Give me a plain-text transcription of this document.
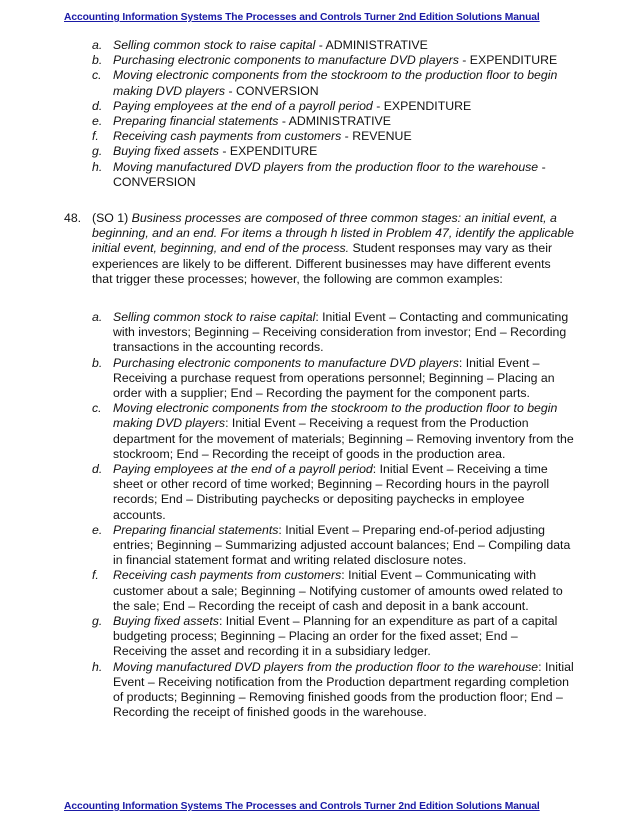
Accounting Information Systems The Processes and Controls Turner 2nd Edition Solutions Manual
a. Selling common stock to raise capital - ADMINISTRATIVE
b. Purchasing electronic components to manufacture DVD players - EXPENDITURE
c. Moving electronic components from the stockroom to the production floor to begin making DVD players - CONVERSION
d. Paying employees at the end of a payroll period - EXPENDITURE
e. Preparing financial statements - ADMINISTRATIVE
f. Receiving cash payments from customers - REVENUE
g. Buying fixed assets - EXPENDITURE
h. Moving manufactured DVD players from the production floor to the warehouse - CONVERSION
48. (SO 1) Business processes are composed of three common stages: an initial event, a beginning, and an end. For items a through h listed in Problem 47, identify the applicable initial event, beginning, and end of the process. Student responses may vary as their experiences are likely to be different. Different businesses may have different events that trigger these processes; however, the following are common examples:
a. Selling common stock to raise capital: Initial Event – Contacting and communicating with investors; Beginning – Receiving consideration from investor; End – Recording transactions in the accounting records.
b. Purchasing electronic components to manufacture DVD players: Initial Event – Receiving a purchase request from operations personnel; Beginning – Placing an order with a supplier; End – Recording the payment for the component parts.
c. Moving electronic components from the stockroom to the production floor to begin making DVD players: Initial Event – Receiving a request from the Production department for the movement of materials; Beginning – Removing inventory from the stockroom; End – Recording the receipt of goods in the production area.
d. Paying employees at the end of a payroll period: Initial Event – Receiving a time sheet or other record of time worked; Beginning – Recording hours in the payroll records; End – Distributing paychecks or depositing paychecks in employee accounts.
e. Preparing financial statements: Initial Event – Preparing end-of-period adjusting entries; Beginning – Summarizing adjusted account balances; End – Compiling data in financial statement format and writing related disclosure notes.
f. Receiving cash payments from customers: Initial Event – Communicating with customer about a sale; Beginning – Notifying customer of amounts owed related to the sale; End – Recording the receipt of cash and deposit in a bank account.
g. Buying fixed assets: Initial Event – Planning for an expenditure as part of a capital budgeting process; Beginning – Placing an order for the fixed asset; End – Receiving the asset and recording it in a subsidiary ledger.
h. Moving manufactured DVD players from the production floor to the warehouse: Initial Event – Receiving notification from the Production department regarding completion of products; Beginning – Removing finished goods from the production floor; End – Recording the receipt of finished goods in the warehouse.
Accounting Information Systems The Processes and Controls Turner 2nd Edition Solutions Manual
